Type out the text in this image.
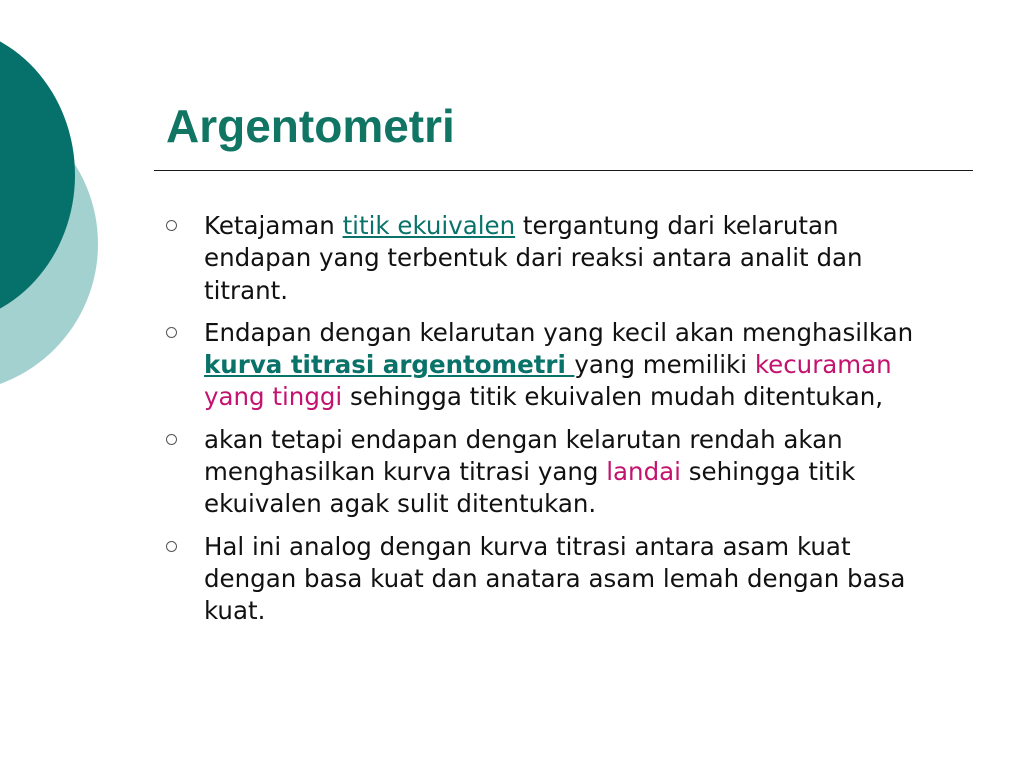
Argentometri
Ketajaman titik ekuivalen tergantung dari kelarutan endapan yang terbentuk dari reaksi antara analit dan titrant.
Endapan dengan kelarutan yang kecil akan menghasilkan kurva titrasi argentometri yang memiliki kecuraman yang tinggi sehingga titik ekuivalen mudah ditentukan,
akan tetapi endapan dengan kelarutan rendah akan menghasilkan kurva titrasi yang landai sehingga titik ekuivalen agak sulit ditentukan.
Hal ini analog dengan kurva titrasi antara asam kuat dengan basa kuat dan anatara asam lemah dengan basa kuat.
